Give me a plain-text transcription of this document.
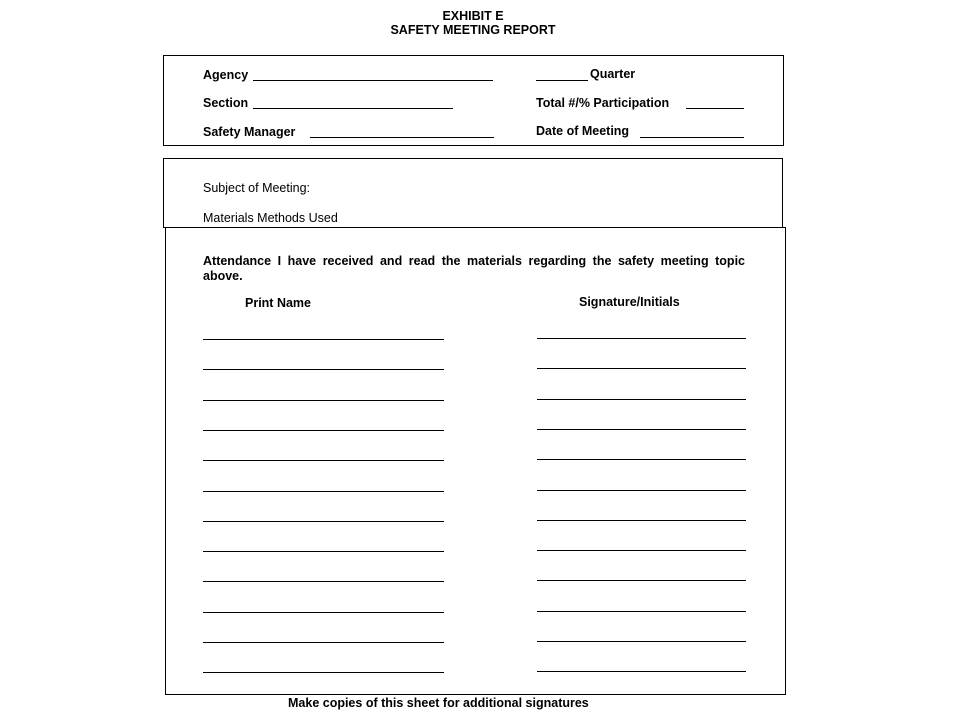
EXHIBIT E
SAFETY MEETING REPORT
Agency
Section
Safety Manager
Quarter
Total #/% Participation
Date of Meeting
Subject of Meeting:
Materials Methods Used
Attendance I have received and read the materials regarding the safety meeting topic above.
Print Name	Signature/Initials
Make copies of this sheet for additional signatures
